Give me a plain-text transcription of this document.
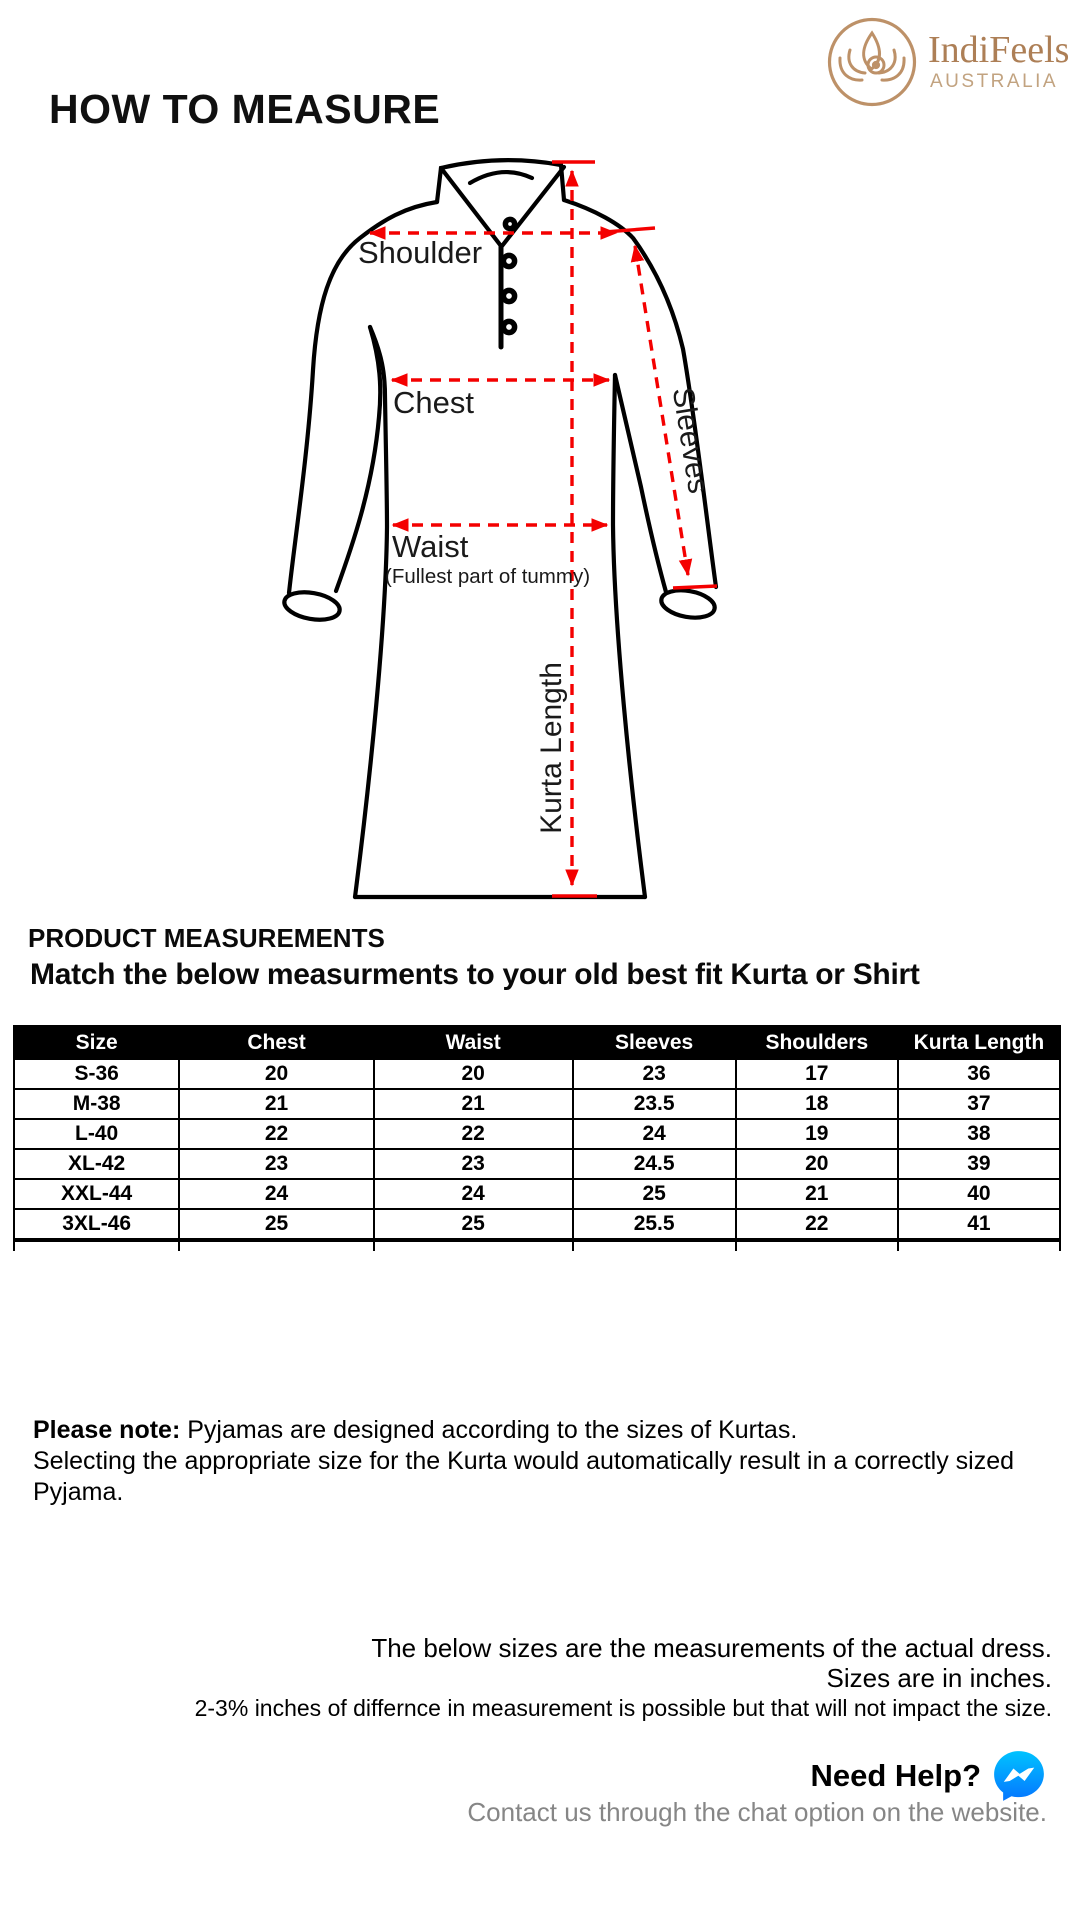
IndiFeels
AUSTRALIA
HOW TO MEASURE
Shoulder
Chest
Waist
(Fullest part of tummy)
Sleeves
Kurta Length
PRODUCT MEASUREMENTS
Match the below measurments to your old best fit Kurta or Shirt
Size	Chest	Waist	Sleeves	Shoulders	Kurta Length
S-36	20	20	23	17	36
M-38	21	21	23.5	18	37
L-40	22	22	24	19	38
XL-42	23	23	24.5	20	39
XXL-44	24	24	25	21	40
3XL-46	25	25	25.5	22	41

Please note: Pyjamas are designed according to the sizes of Kurtas.
Selecting the appropriate size for the Kurta would automatically result in a correctly sized
Pyjama.
The below sizes are the measurements of the actual dress.
Sizes are in inches.
2-3% inches of differnce in measurement is possible but that will not impact the size.
Need Help?
Contact us through the chat option on the website.
